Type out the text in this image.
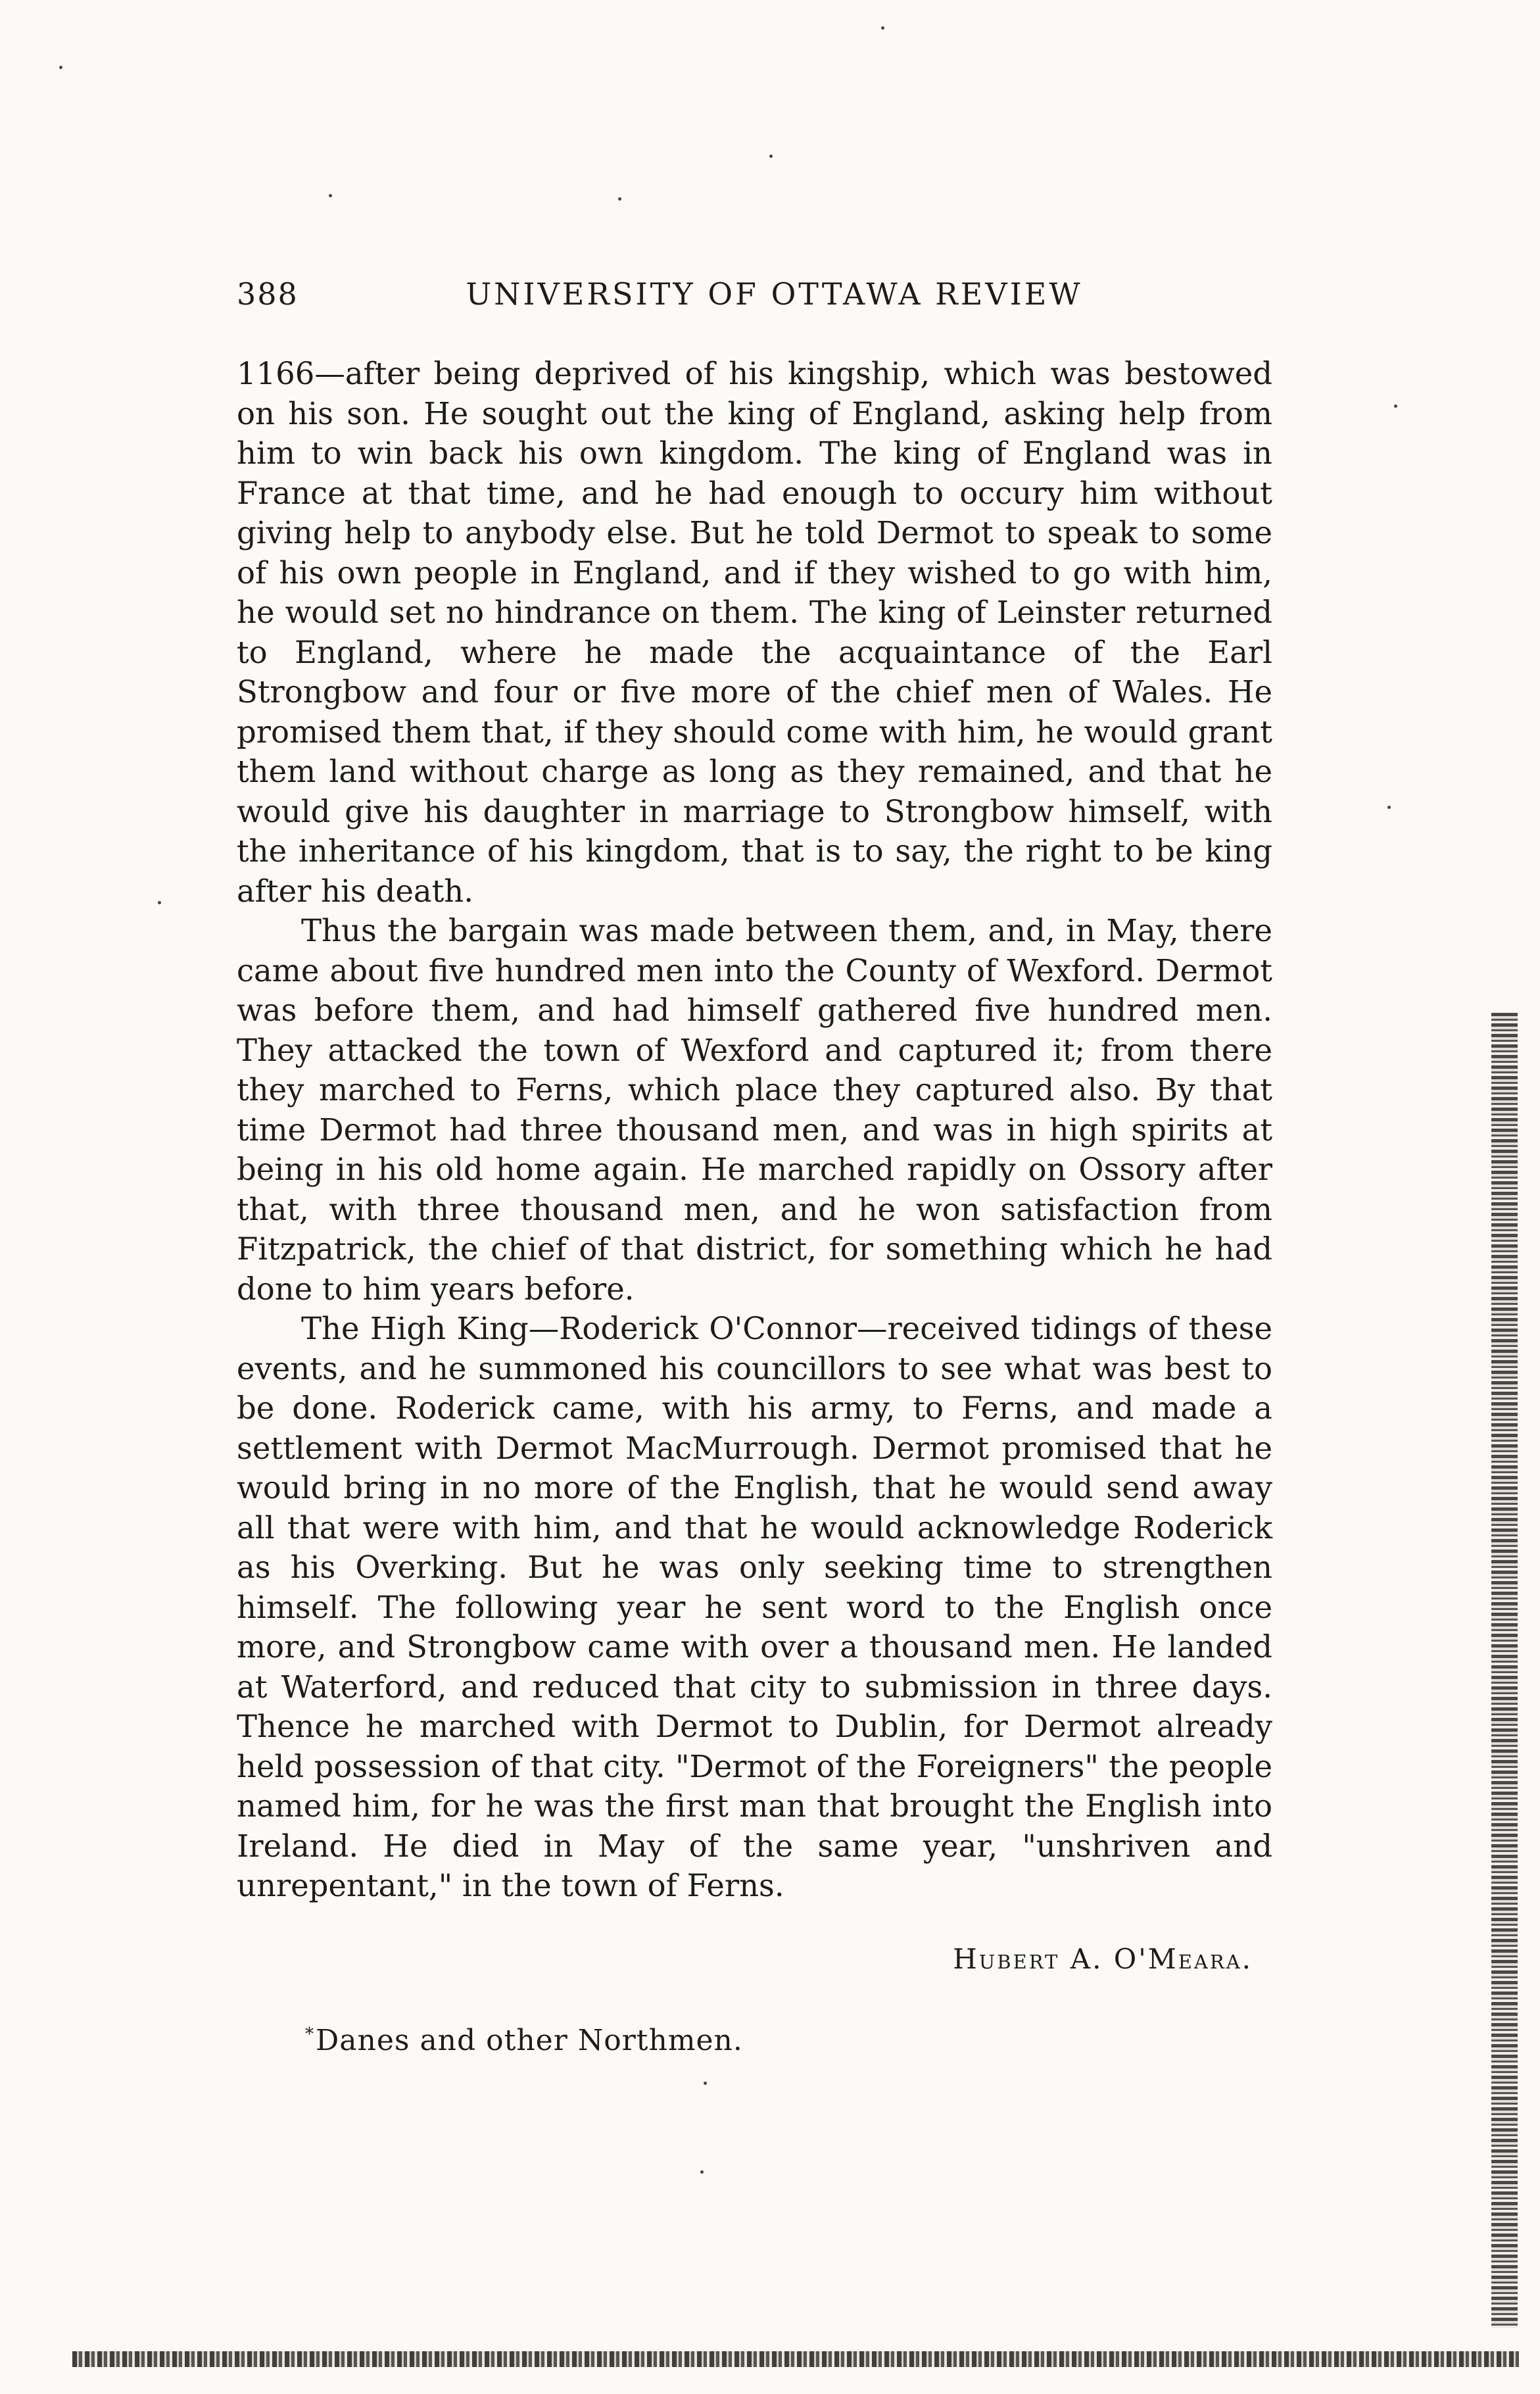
388	UNIVERSITY OF OTTAWA REVIEW

1166—after being deprived of his kingship, which was bestowed on his son. He sought out the king of England, asking help from him to win back his own kingdom. The king of England was in France at that time, and he had enough to occury him without giving help to anybody else. But he told Dermot to speak to some of his own people in England, and if they wished to go with him, he would set no hindrance on them. The king of Leinster returned to England, where he made the acquaintance of the Earl Strongbow and four or five more of the chief men of Wales. He promised them that, if they should come with him, he would grant them land without charge as long as they remained, and that he would give his daughter in marriage to Strongbow himself, with the inheritance of his kingdom, that is to say, the right to be king after his death.

Thus the bargain was made between them, and, in May, there came about five hundred men into the County of Wexford. Dermot was before them, and had himself gathered five hundred men. They attacked the town of Wexford and captured it; from there they marched to Ferns, which place they captured also. By that time Dermot had three thousand men, and was in high spirits at being in his old home again. He marched rapidly on Ossory after that, with three thousand men, and he won satisfaction from Fitzpatrick, the chief of that district, for something which he had done to him years before.

The High King—Roderick O'Connor—received tidings of these events, and he summoned his councillors to see what was best to be done. Roderick came, with his army, to Ferns, and made a settlement with Dermot MacMurrough. Dermot promised that he would bring in no more of the English, that he would send away all that were with him, and that he would acknowledge Roderick as his Overking. But he was only seeking time to strengthen himself. The following year he sent word to the English once more, and Strongbow came with over a thousand men. He landed at Waterford, and reduced that city to submission in three days. Thence he marched with Dermot to Dublin, for Dermot already held possession of that city. "Dermot of the Foreigners" the people named him, for he was the first man that brought the English into Ireland. He died in May of the same year, "unshriven and unrepentant," in the town of Ferns.

Hubert A. O'Meara.
*Danes and other Northmen.
